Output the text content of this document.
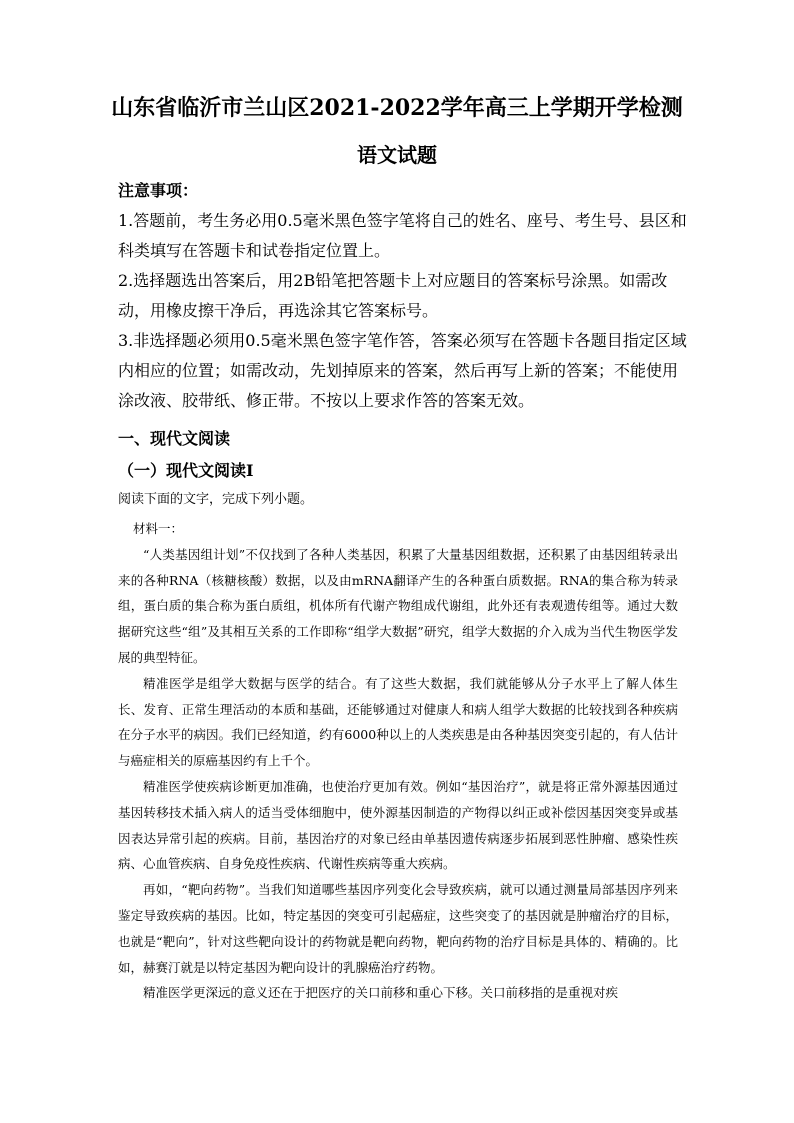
山东省临沂市兰山区2021-2022学年高三上学期开学检测
语文试题

注意事项：

1.答题前，考生务必用0.5毫米黑色签字笔将自己的姓名、座号、考生号、县区和科类填写在答题卡和试卷指定位置上。

2.选择题选出答案后，用2B铅笔把答题卡上对应题目的答案标号涂黑。如需改动，用橡皮擦干净后，再选涂其它答案标号。

3.非选择题必须用0.5毫米黑色签字笔作答，答案必须写在答题卡各题目指定区域内相应的位置；如需改动，先划掉原来的答案，然后再写上新的答案；不能使用涂改液、胶带纸、修正带。不按以上要求作答的答案无效。

一、现代文阅读
（一）现代文阅读Ⅰ
阅读下面的文字，完成下列小题。

材料一：

“人类基因组计划”不仅找到了各种人类基因，积累了大量基因组数据，还积累了由基因组转录出来的各种RNA（核糖核酸）数据，以及由mRNA翻译产生的各种蛋白质数据。RNA的集合称为转录组，蛋白质的集合称为蛋白质组，机体所有代谢产物组成代谢组，此外还有表观遗传组等。通过大数据研究这些“组”及其相互关系的工作即称“组学大数据”研究，组学大数据的介入成为当代生物医学发展的典型特征。

精准医学是组学大数据与医学的结合。有了这些大数据，我们就能够从分子水平上了解人体生长、发育、正常生理活动的本质和基础，还能够通过对健康人和病人组学大数据的比较找到各种疾病在分子水平的病因。我们已经知道，约有6000种以上的人类疾患是由各种基因突变引起的，有人估计与癌症相关的原癌基因约有上千个。

精准医学使疾病诊断更加准确，也使治疗更加有效。例如“基因治疗”，就是将正常外源基因通过基因转移技术插入病人的适当受体细胞中，使外源基因制造的产物得以纠正或补偿因基因突变异或基因表达异常引起的疾病。目前，基因治疗的对象已经由单基因遗传病逐步拓展到恶性肿瘤、感染性疾病、心血管疾病、自身免疫性疾病、代谢性疾病等重大疾病。

再如，“靶向药物”。当我们知道哪些基因序列变化会导致疾病，就可以通过测量局部基因序列来鉴定导致疾病的基因。比如，特定基因的突变可引起癌症，这些突变了的基因就是肿瘤治疗的目标，也就是“靶向”，针对这些靶向设计的药物就是靶向药物，靶向药物的治疗目标是具体的、精确的。比如，赫赛汀就是以特定基因为靶向设计的乳腺癌治疗药物。

精准医学更深远的意义还在于把医疗的关口前移和重心下移。关口前移指的是重视对疾
